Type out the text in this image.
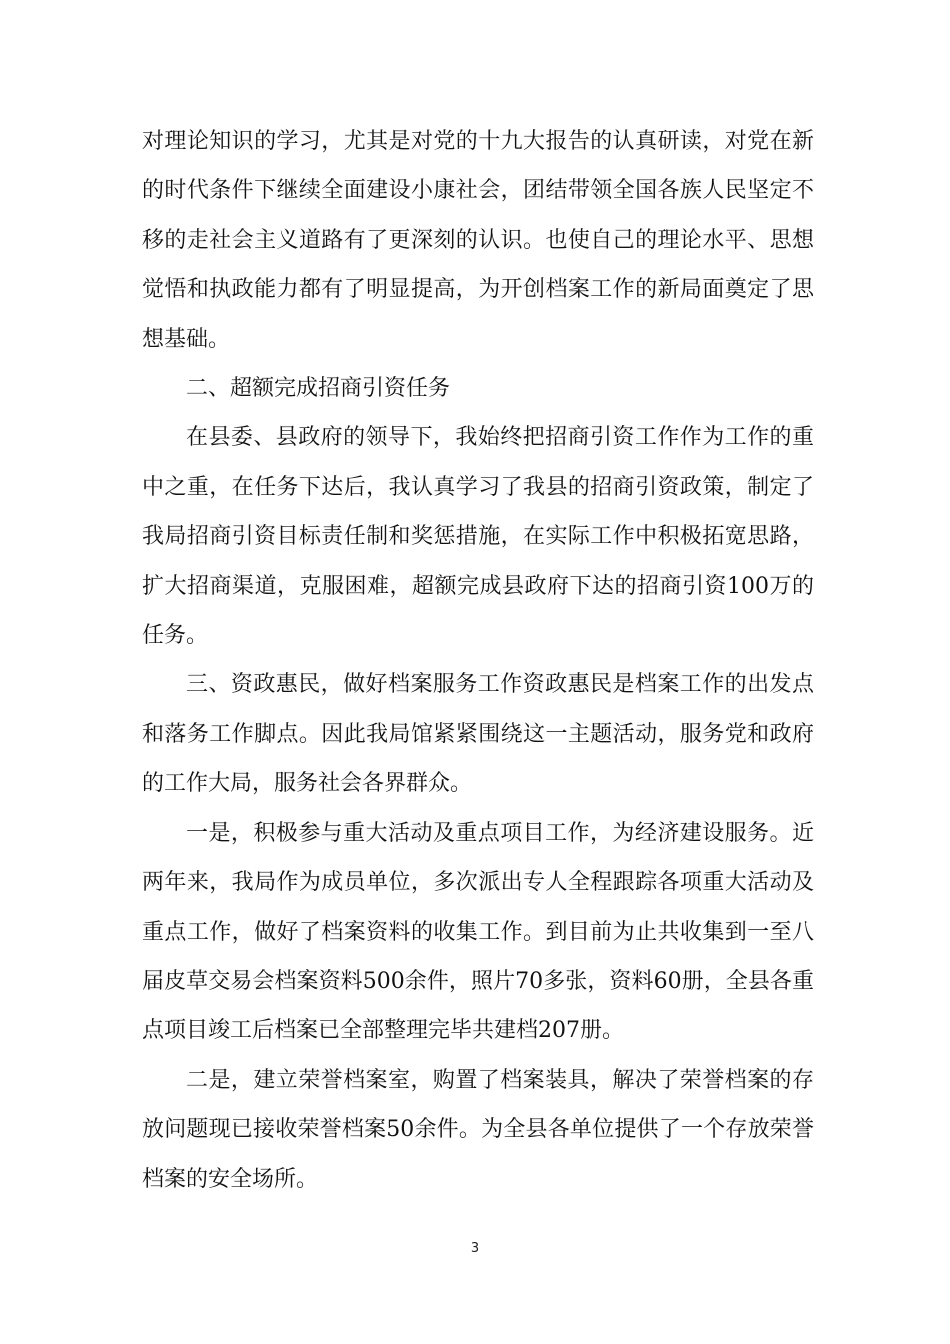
对理论知识的学习，尤其是对党的十九大报告的认真研读，对党在新的时代条件下继续全面建设小康社会，团结带领全国各族人民坚定不移的走社会主义道路有了更深刻的认识。也使自己的理论水平、思想觉悟和执政能力都有了明显提高，为开创档案工作的新局面奠定了思想基础。

二、超额完成招商引资任务

在县委、县政府的领导下，我始终把招商引资工作作为工作的重中之重，在任务下达后，我认真学习了我县的招商引资政策，制定了我局招商引资目标责任制和奖惩措施，在实际工作中积极拓宽思路，扩大招商渠道，克服困难，超额完成县政府下达的招商引资100万的任务。

三、资政惠民，做好档案服务工作资政惠民是档案工作的出发点和落务工作脚点。因此我局馆紧紧围绕这一主题活动，服务党和政府的工作大局，服务社会各界群众。

一是，积极参与重大活动及重点项目工作，为经济建设服务。近两年来，我局作为成员单位，多次派出专人全程跟踪各项重大活动及重点工作，做好了档案资料的收集工作。到目前为止共收集到一至八届皮草交易会档案资料500余件，照片70多张，资料60册，全县各重点项目竣工后档案已全部整理完毕共建档207册。

二是，建立荣誉档案室，购置了档案装具，解决了荣誉档案的存放问题现已接收荣誉档案50余件。为全县各单位提供了一个存放荣誉档案的安全场所。

3
